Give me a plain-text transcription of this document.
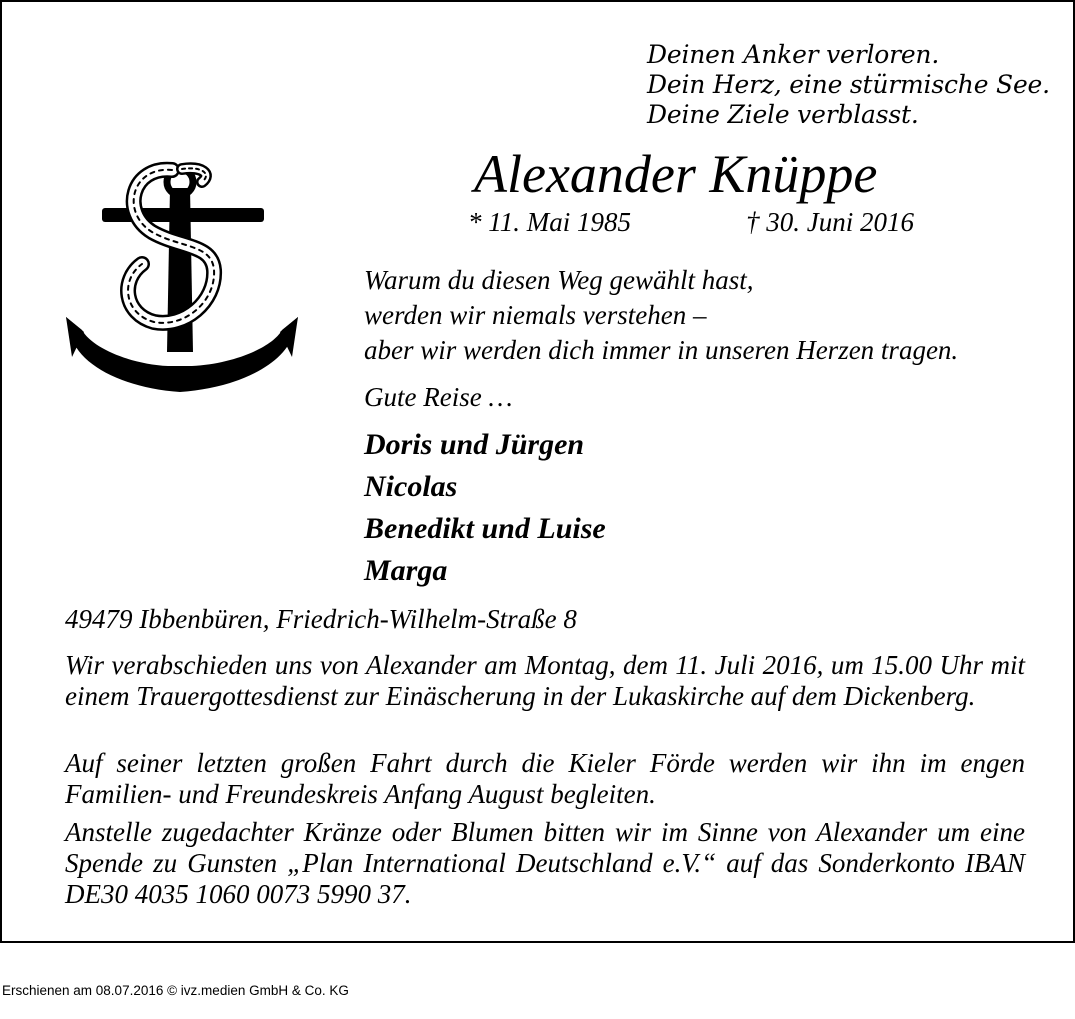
Deinen Anker verloren.
Dein Herz, eine stürmische See.
Deine Ziele verblasst.
Alexander Knüppe
* 11. Mai 1985	† 30. Juni 2016
Warum du diesen Weg gewählt hast,
werden wir niemals verstehen –
aber wir werden dich immer in unseren Herzen tragen.
Gute Reise …
Doris und Jürgen
Nicolas
Benedikt und Luise
Marga
49479 Ibbenbüren, Friedrich-Wilhelm-Straße 8
Wir verabschieden uns von Alexander am Montag, dem 11. Juli 2016, um 15.00 Uhr mit einem Trauergottesdienst zur Einäscherung in der Lukaskirche auf dem Dickenberg.
Auf seiner letzten großen Fahrt durch die Kieler Förde werden wir ihn im engen Familien- und Freundeskreis Anfang August begleiten.
Anstelle zugedachter Kränze oder Blumen bitten wir im Sinne von Alexander um eine Spende zu Gunsten „Plan International Deutschland e.V.“ auf das Sonderkonto IBAN DE30 4035 1060 0073 5990 37.
Erschienen am 08.07.2016 © ivz.medien GmbH & Co. KG
